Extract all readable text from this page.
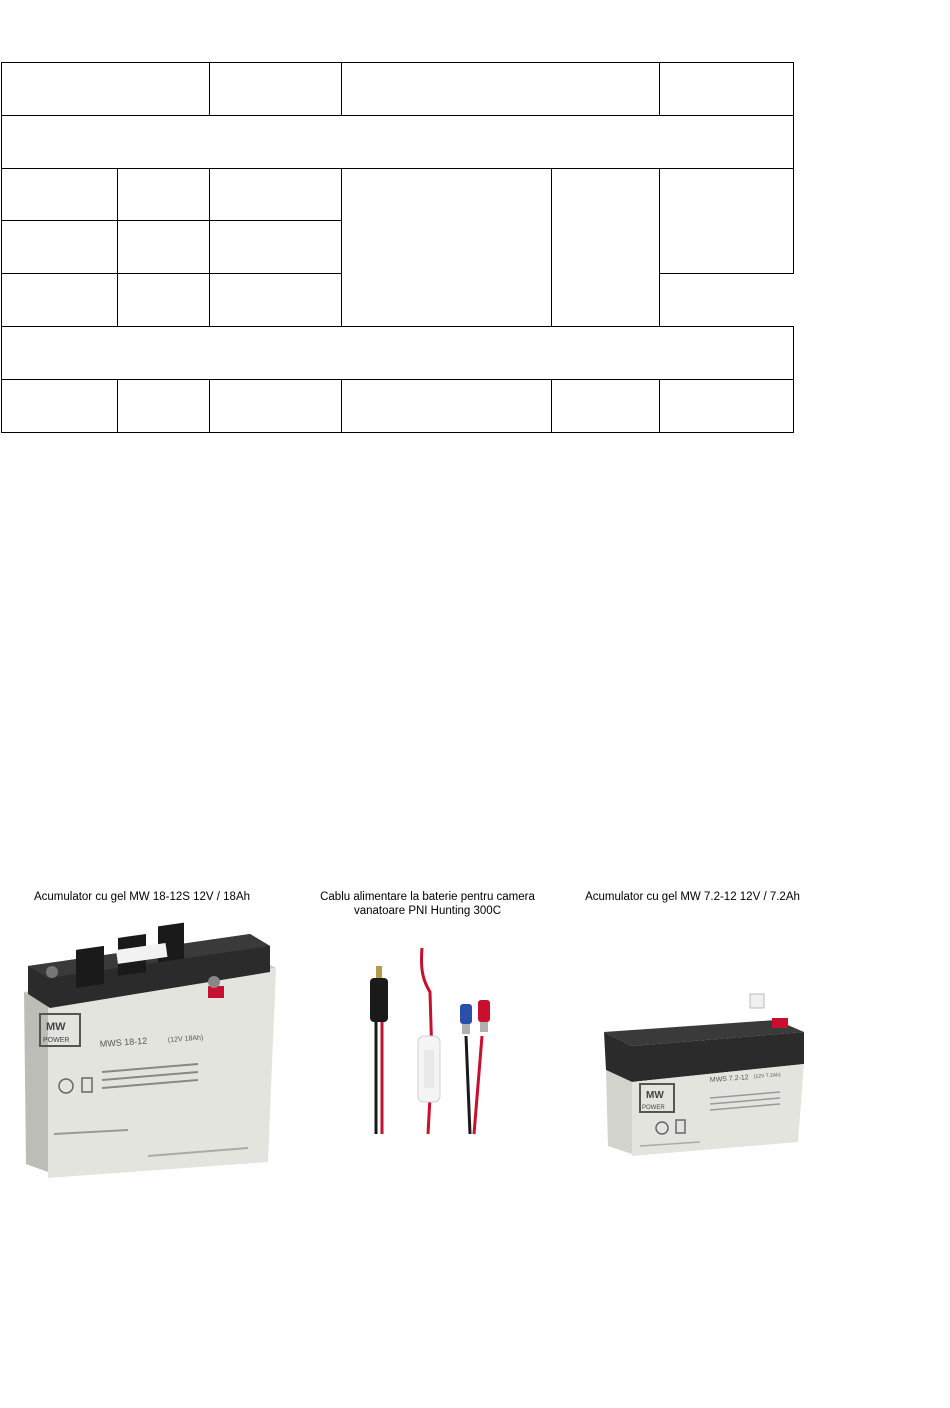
Acumulator cu gel MW 18-12S 12V / 18Ah	Cablu alimentare la baterie pentru camera
vanatoare PNI Hunting 300C
Acumulator cu gel MW 7.2-12 12V / 7.2Ah
MW
POWER	MWS 18-12	(12V 18Ah)
MW
POWER
MWS 7.2-12 (12V 7.2Ah)
